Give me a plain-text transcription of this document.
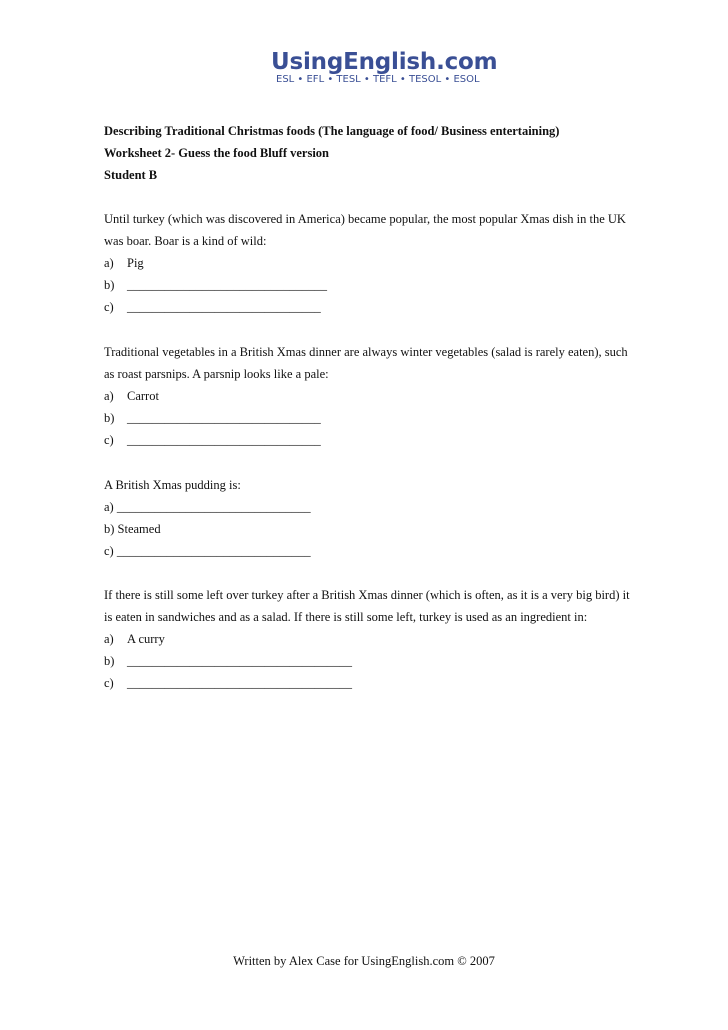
UsingEnglish.com
ESL • EFL • TESL • TEFL • TESOL • ESOL
Describing Traditional Christmas foods (The language of food/ Business entertaining)
Worksheet 2- Guess the food Bluff version
Student B
Until turkey (which was discovered in America) became popular, the most popular Xmas dish in the UK
was boar. Boar is a kind of wild:
a) Pig
b) ________________________________
c) _______________________________
Traditional vegetables in a British Xmas dinner are always winter vegetables (salad is rarely eaten), such
as roast parsnips. A parsnip looks like a pale:
a) Carrot
b) _______________________________
c) _______________________________
A British Xmas pudding is:
a) _______________________________
b) Steamed
c) _______________________________
If there is still some left over turkey after a British Xmas dinner (which is often, as it is a very big bird) it
is eaten in sandwiches and as a salad. If there is still some left, turkey is used as an ingredient in:
a) A curry
b) ____________________________________
c) ____________________________________
Written by Alex Case for UsingEnglish.com © 2007
